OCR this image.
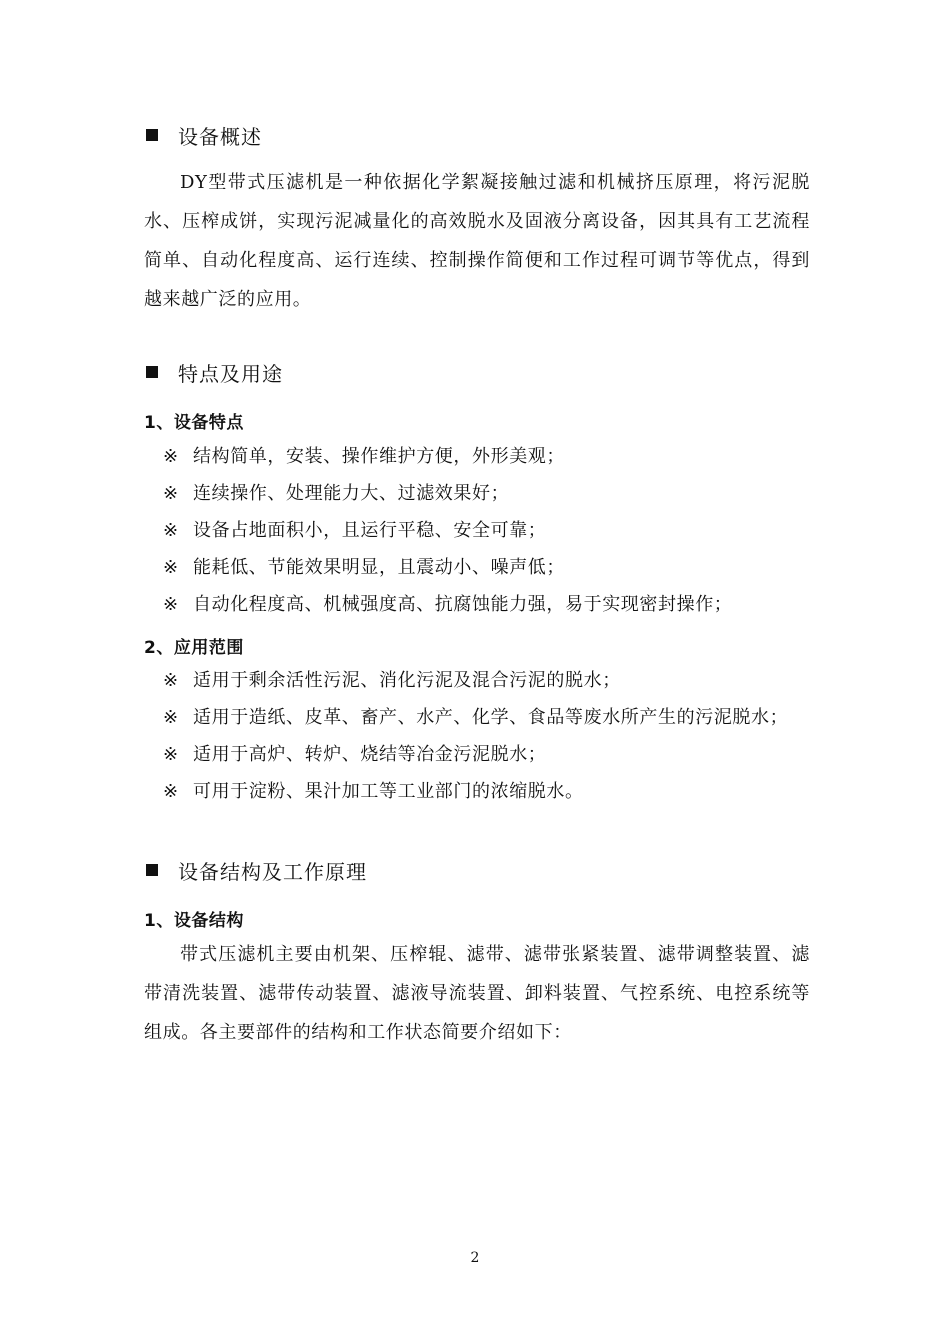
设备概述

DY型带式压滤机是一种依据化学絮凝接触过滤和机械挤压原理，将污泥脱水、压榨成饼，实现污泥减量化的高效脱水及固液分离设备，因其具有工艺流程简单、自动化程度高、运行连续、控制操作简便和工作过程可调节等优点，得到越来越广泛的应用。

特点及用途
1、设备特点
※ 结构简单，安装、操作维护方便，外形美观；
※ 连续操作、处理能力大、过滤效果好；
※ 设备占地面积小，且运行平稳、安全可靠；
※ 能耗低、节能效果明显，且震动小、噪声低；
※ 自动化程度高、机械强度高、抗腐蚀能力强，易于实现密封操作；
2、应用范围
※ 适用于剩余活性污泥、消化污泥及混合污泥的脱水；
※ 适用于造纸、皮革、畜产、水产、化学、食品等废水所产生的污泥脱水；
※ 适用于高炉、转炉、烧结等冶金污泥脱水；
※ 可用于淀粉、果汁加工等工业部门的浓缩脱水。
设备结构及工作原理
1、设备结构

带式压滤机主要由机架、压榨辊、滤带、滤带张紧装置、滤带调整装置、滤带清洗装置、滤带传动装置、滤液导流装置、卸料装置、气控系统、电控系统等组成。各主要部件的结构和工作状态简要介绍如下：

2
